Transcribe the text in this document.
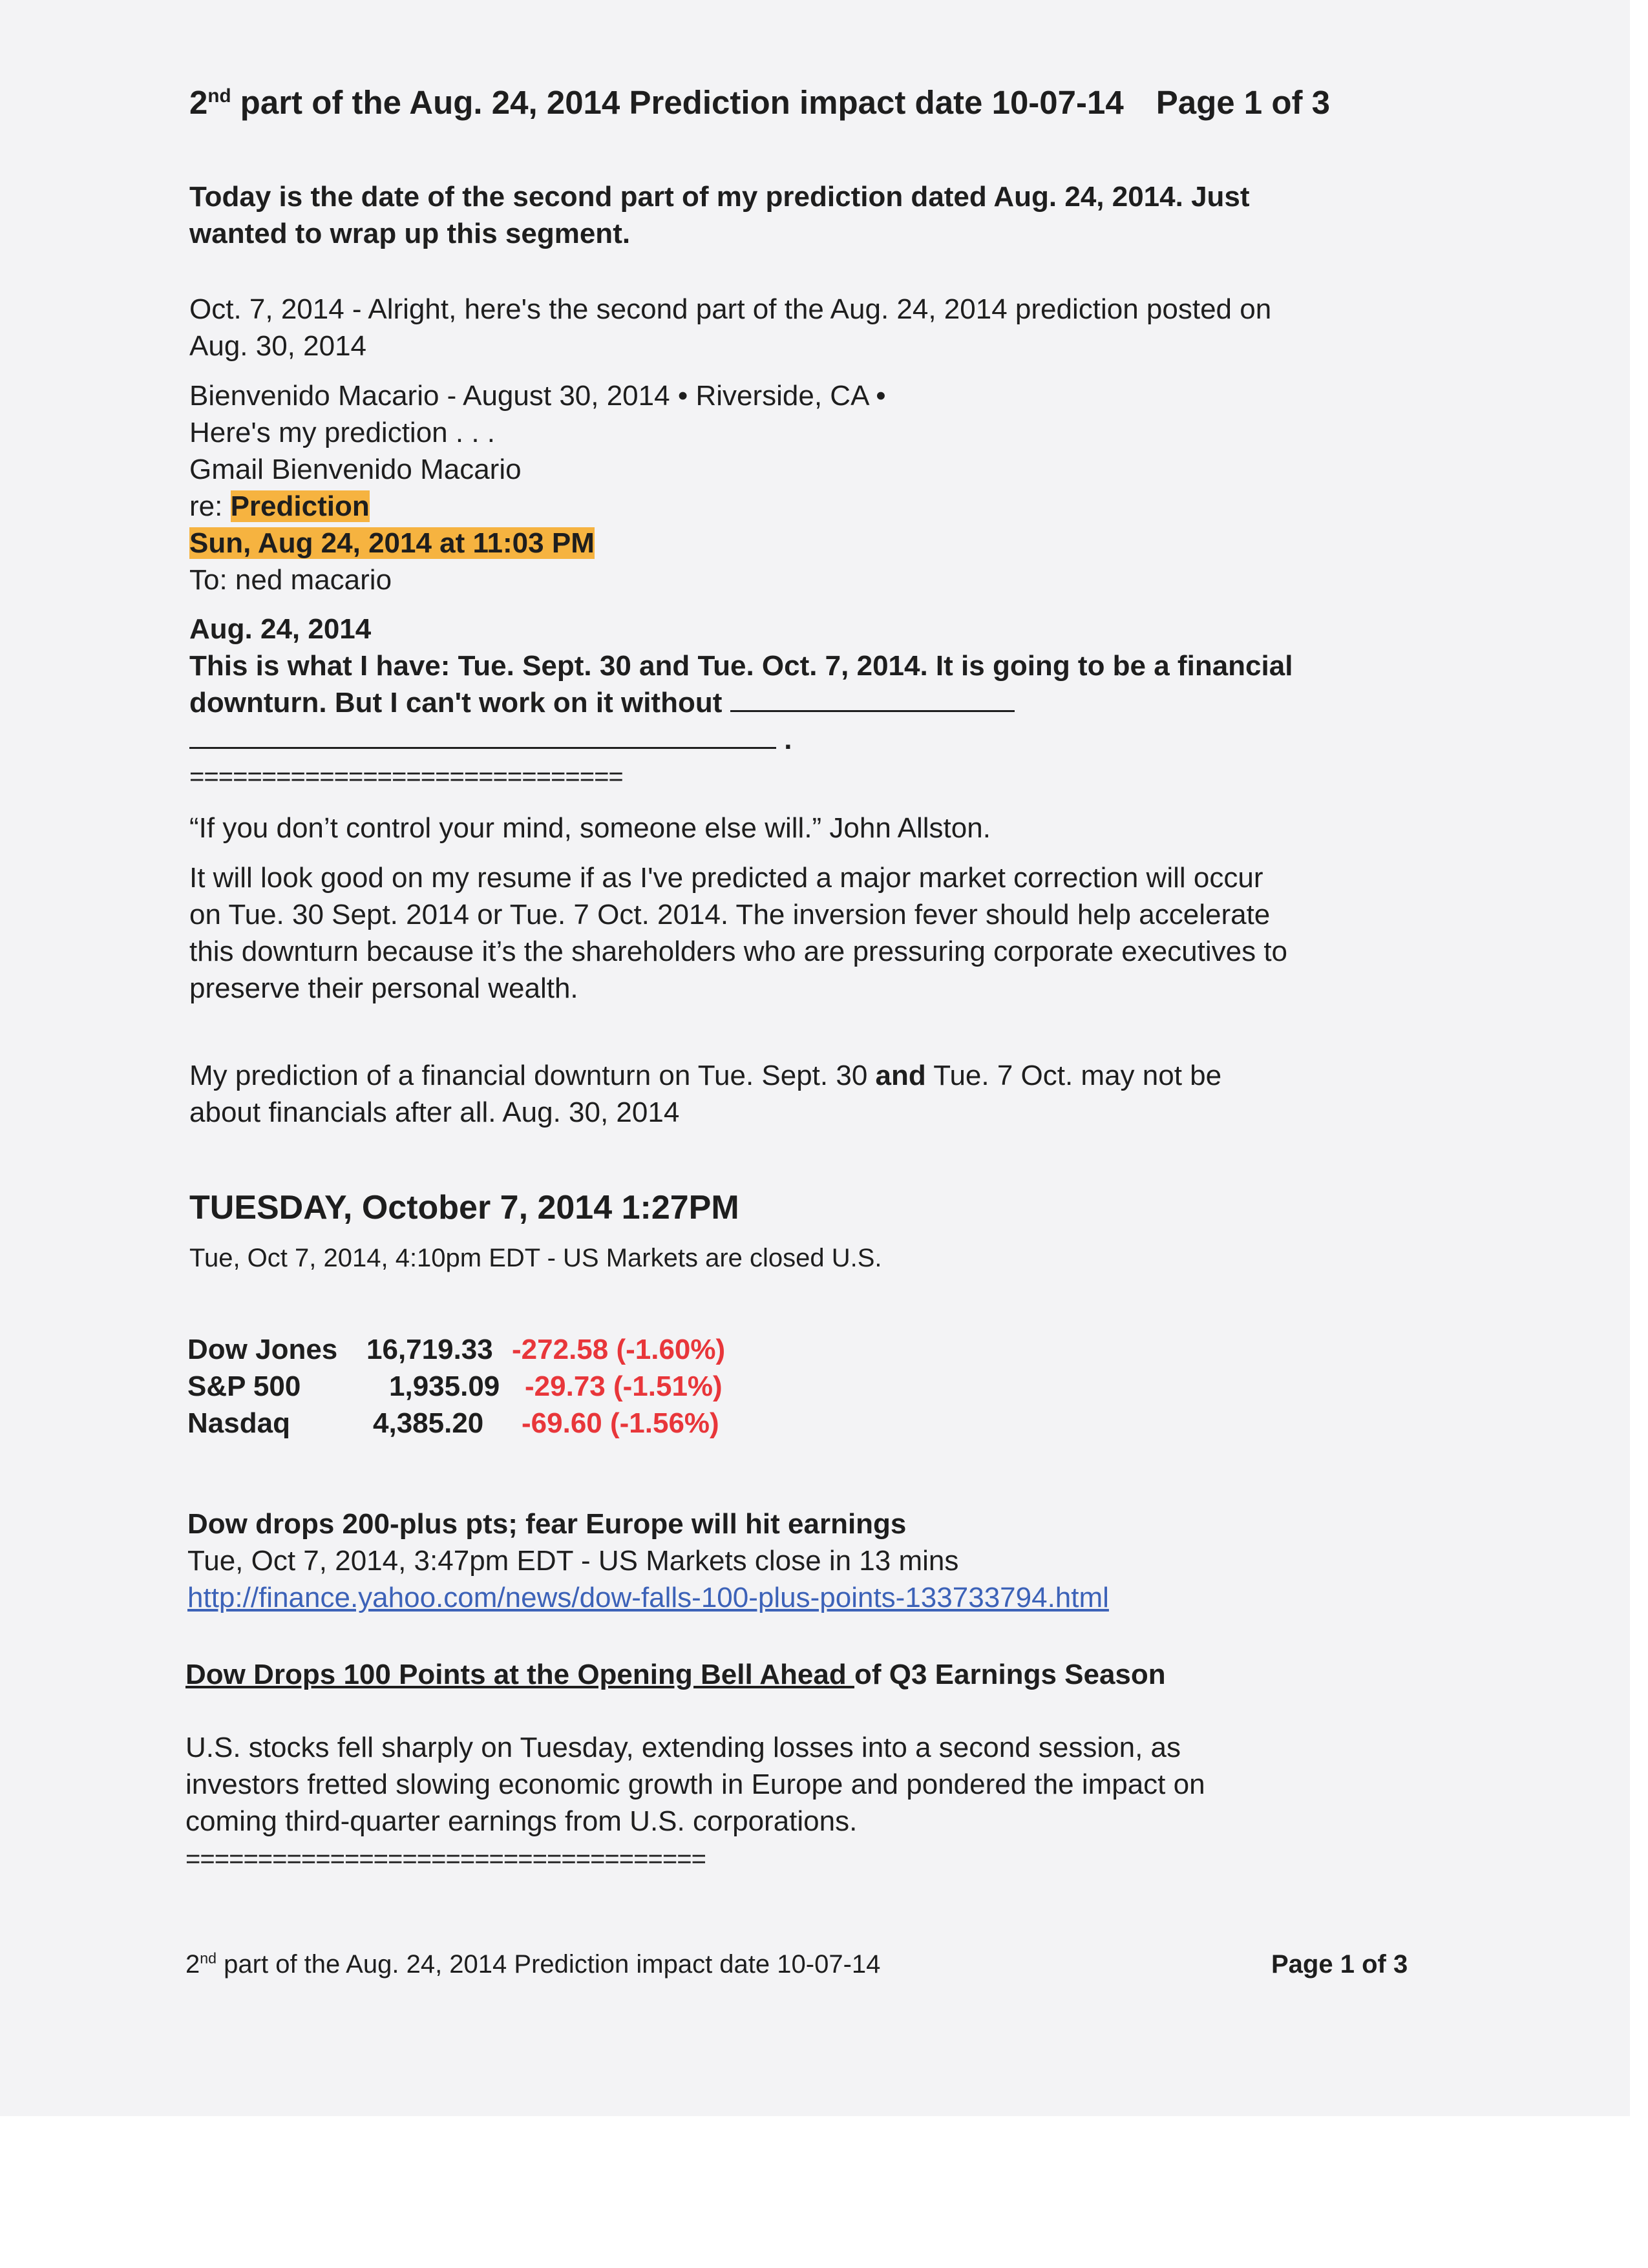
2nd part of the Aug. 24, 2014 Prediction impact date 10-07-14 Page 1 of 3
Today is the date of the second part of my prediction dated Aug. 24, 2014. Just
wanted to wrap up this segment.
Oct. 7, 2014 - Alright, here's the second part of the Aug. 24, 2014 prediction posted on
Aug. 30, 2014
Bienvenido Macario - August 30, 2014 • Riverside, CA •
Here's my prediction . . .
Gmail Bienvenido Macario
re: Prediction
Sun, Aug 24, 2014 at 11:03 PM
To: ned macario
Aug. 24, 2014
This is what I have: Tue. Sept. 30 and Tue. Oct. 7, 2014. It is going to be a financial
downturn. But I can't work on it without
.
==============================
“If you don’t control your mind, someone else will.” John Allston.
It will look good on my resume if as I've predicted a major market correction will occur
on Tue. 30 Sept. 2014 or Tue. 7 Oct. 2014. The inversion fever should help accelerate
this downturn because it’s the shareholders who are pressuring corporate executives to
preserve their personal wealth.
My prediction of a financial downturn on Tue. Sept. 30 and Tue. 7 Oct. may not be
about financials after all. Aug. 30, 2014
TUESDAY, October 7, 2014 1:27PM
Tue, Oct 7, 2014, 4:10pm EDT - US Markets are closed U.S.
Dow Jones	16,719.33 -272.58 (-1.60%)
S&P 500	1,935.09 -29.73 (-1.51%)
Nasdaq	4,385.20	-69.60 (-1.56%)
Dow drops 200-plus pts; fear Europe will hit earnings
Tue, Oct 7, 2014, 3:47pm EDT - US Markets close in 13 mins
http://finance.yahoo.com/news/dow-falls-100-plus-points-133733794.html
Dow Drops 100 Points at the Opening Bell Ahead of Q3 Earnings Season
U.S. stocks fell sharply on Tuesday, extending losses into a second session, as
investors fretted slowing economic growth in Europe and pondered the impact on
coming third-quarter earnings from U.S. corporations.
====================================
2nd part of the Aug. 24, 2014 Prediction impact date 10-07-14	Page 1 of 3
